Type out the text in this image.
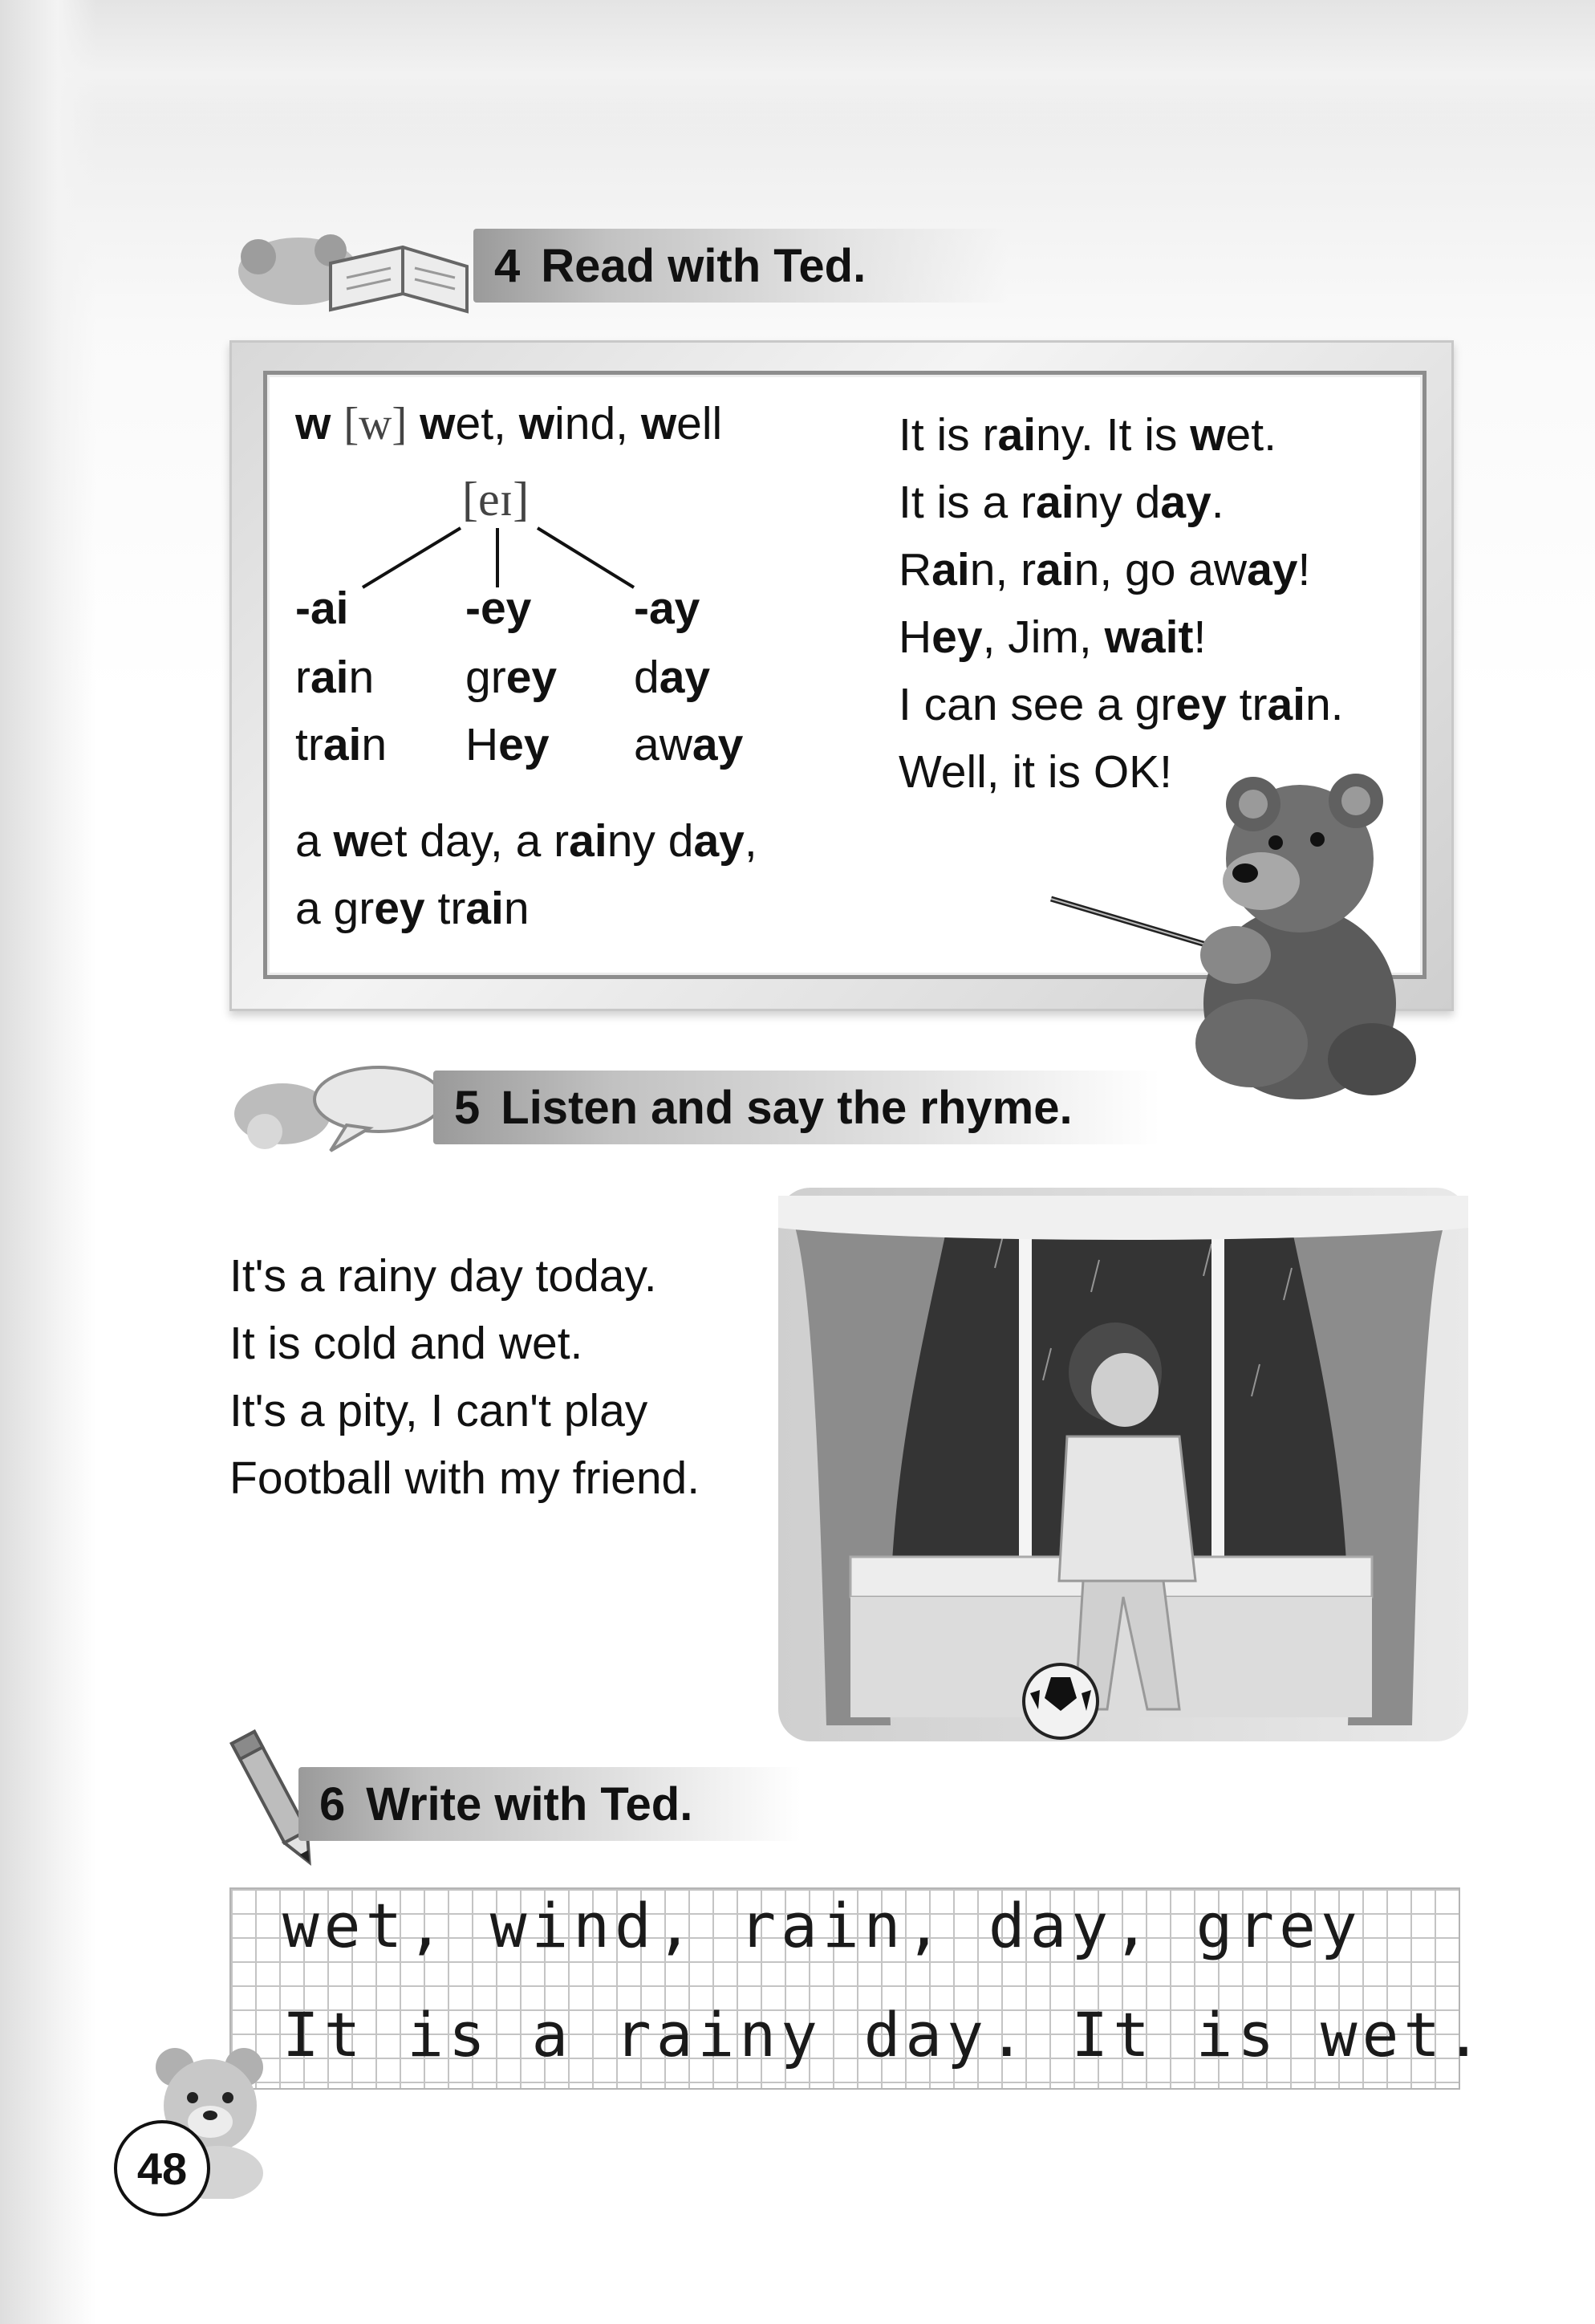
4 Read with Ted.
w [w] wet, wind, well
[eɪ]
-ai	-ey -ay
rain grey day
train Hey away
a wet day, a rainy day,
a grey train
It is rainy. It is wet.
It is a rainy day.
Rain, rain, go away!
Hey, Jim, wait!
I can see a grey train.
Well, it is OK!
5 Listen and say the rhyme.
It's a rainy day today.
It is cold and wet.
It's a pity, I can't play
Football with my friend.
6 Write with Ted.
wet, wind, rain, day, grey
It is a rainy day. It is wet.
48
